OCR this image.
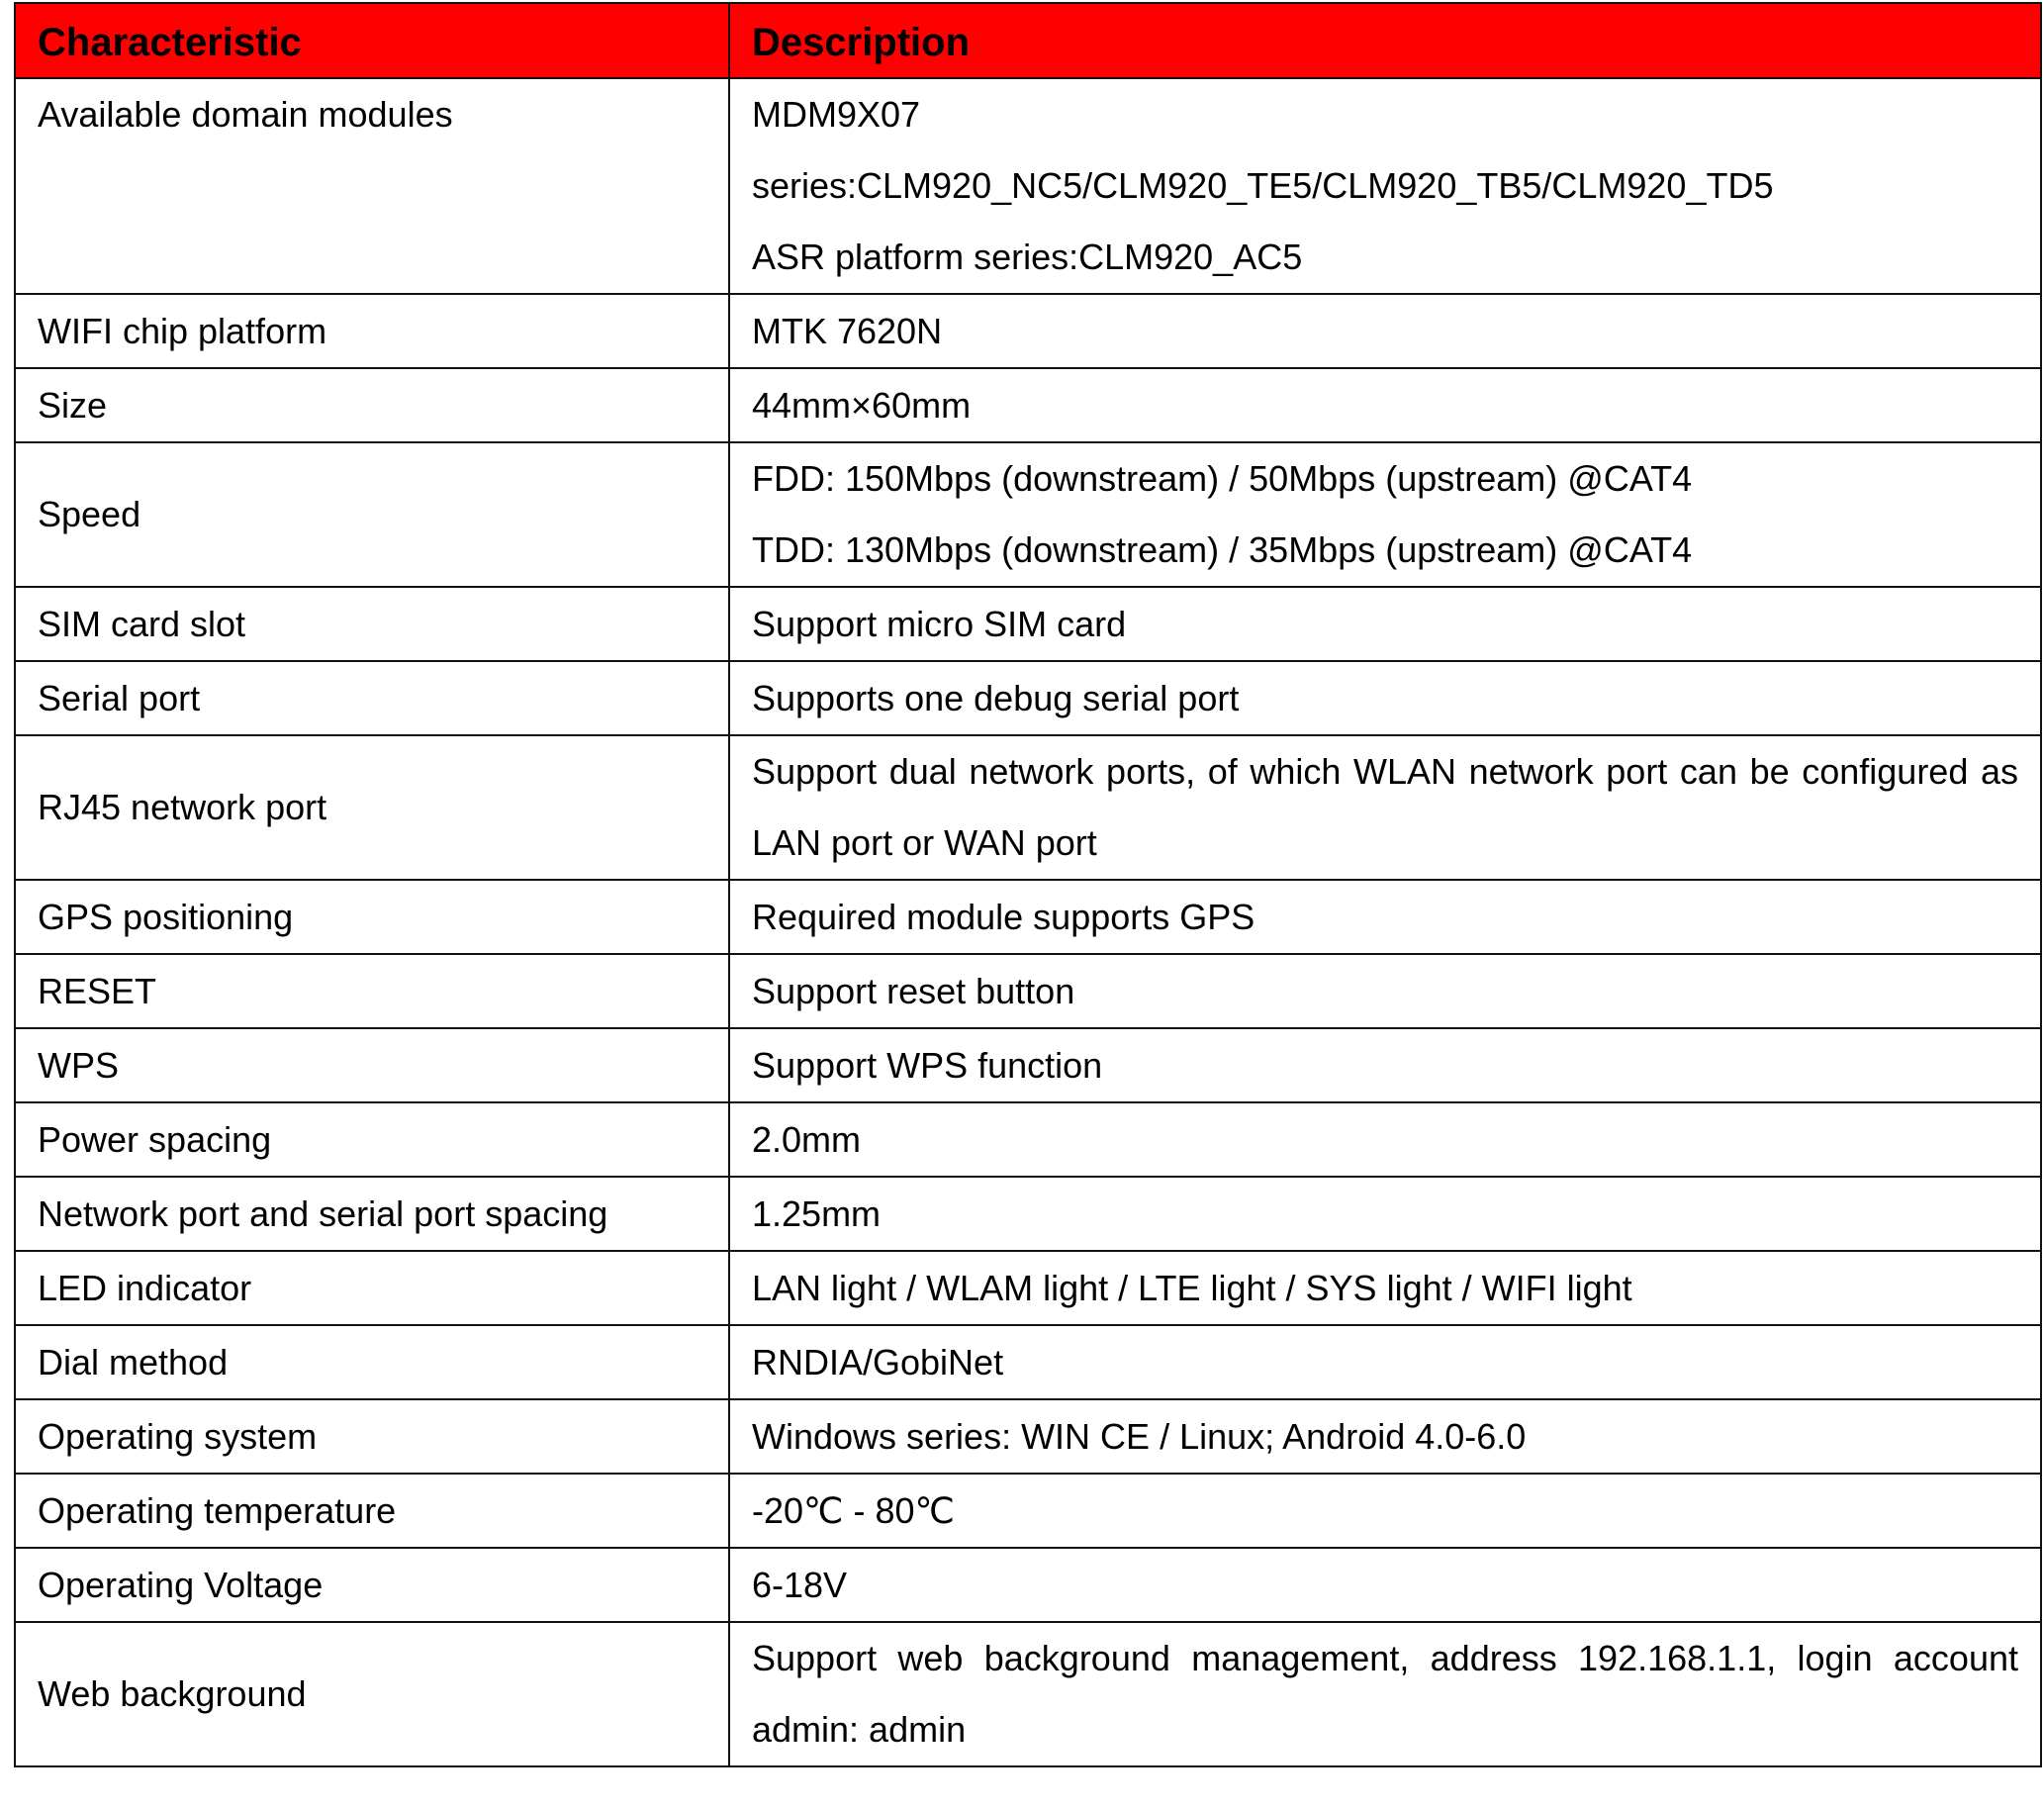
Characteristic	Description
Available domain modules	MDM9X07
series:CLM920_NC5/CLM920_TE5/CLM920_TB5/CLM920_TD5
ASR platform series:CLM920_AC5

WIFI chip platform	MTK 7620N

Size	44mm×60mm

Speed	FDD: 150Mbps (downstream) / 50Mbps (upstream) @CAT4
TDD: 130Mbps (downstream) / 35Mbps (upstream) @CAT4

SIM card slot	Support micro SIM card

Serial port	Supports one debug serial port

RJ45 network port	Support dual network ports, of which WLAN network port can be configured as LAN port or WAN port
GPS positioning	Required module supports GPS

RESET	Support reset button

WPS	Support WPS function

Power spacing	2.0mm

Network port and serial port spacing	1.25mm

LED indicator	LAN light / WLAM light / LTE light / SYS light / WIFI light

Dial method	RNDIA/GobiNet

Operating system	Windows series: WIN CE / Linux; Android 4.0-6.0

Operating temperature	-20℃ - 80℃

Operating Voltage	6-18V

Web background	Support web background management, address 192.168.1.1, login account admin: admin
